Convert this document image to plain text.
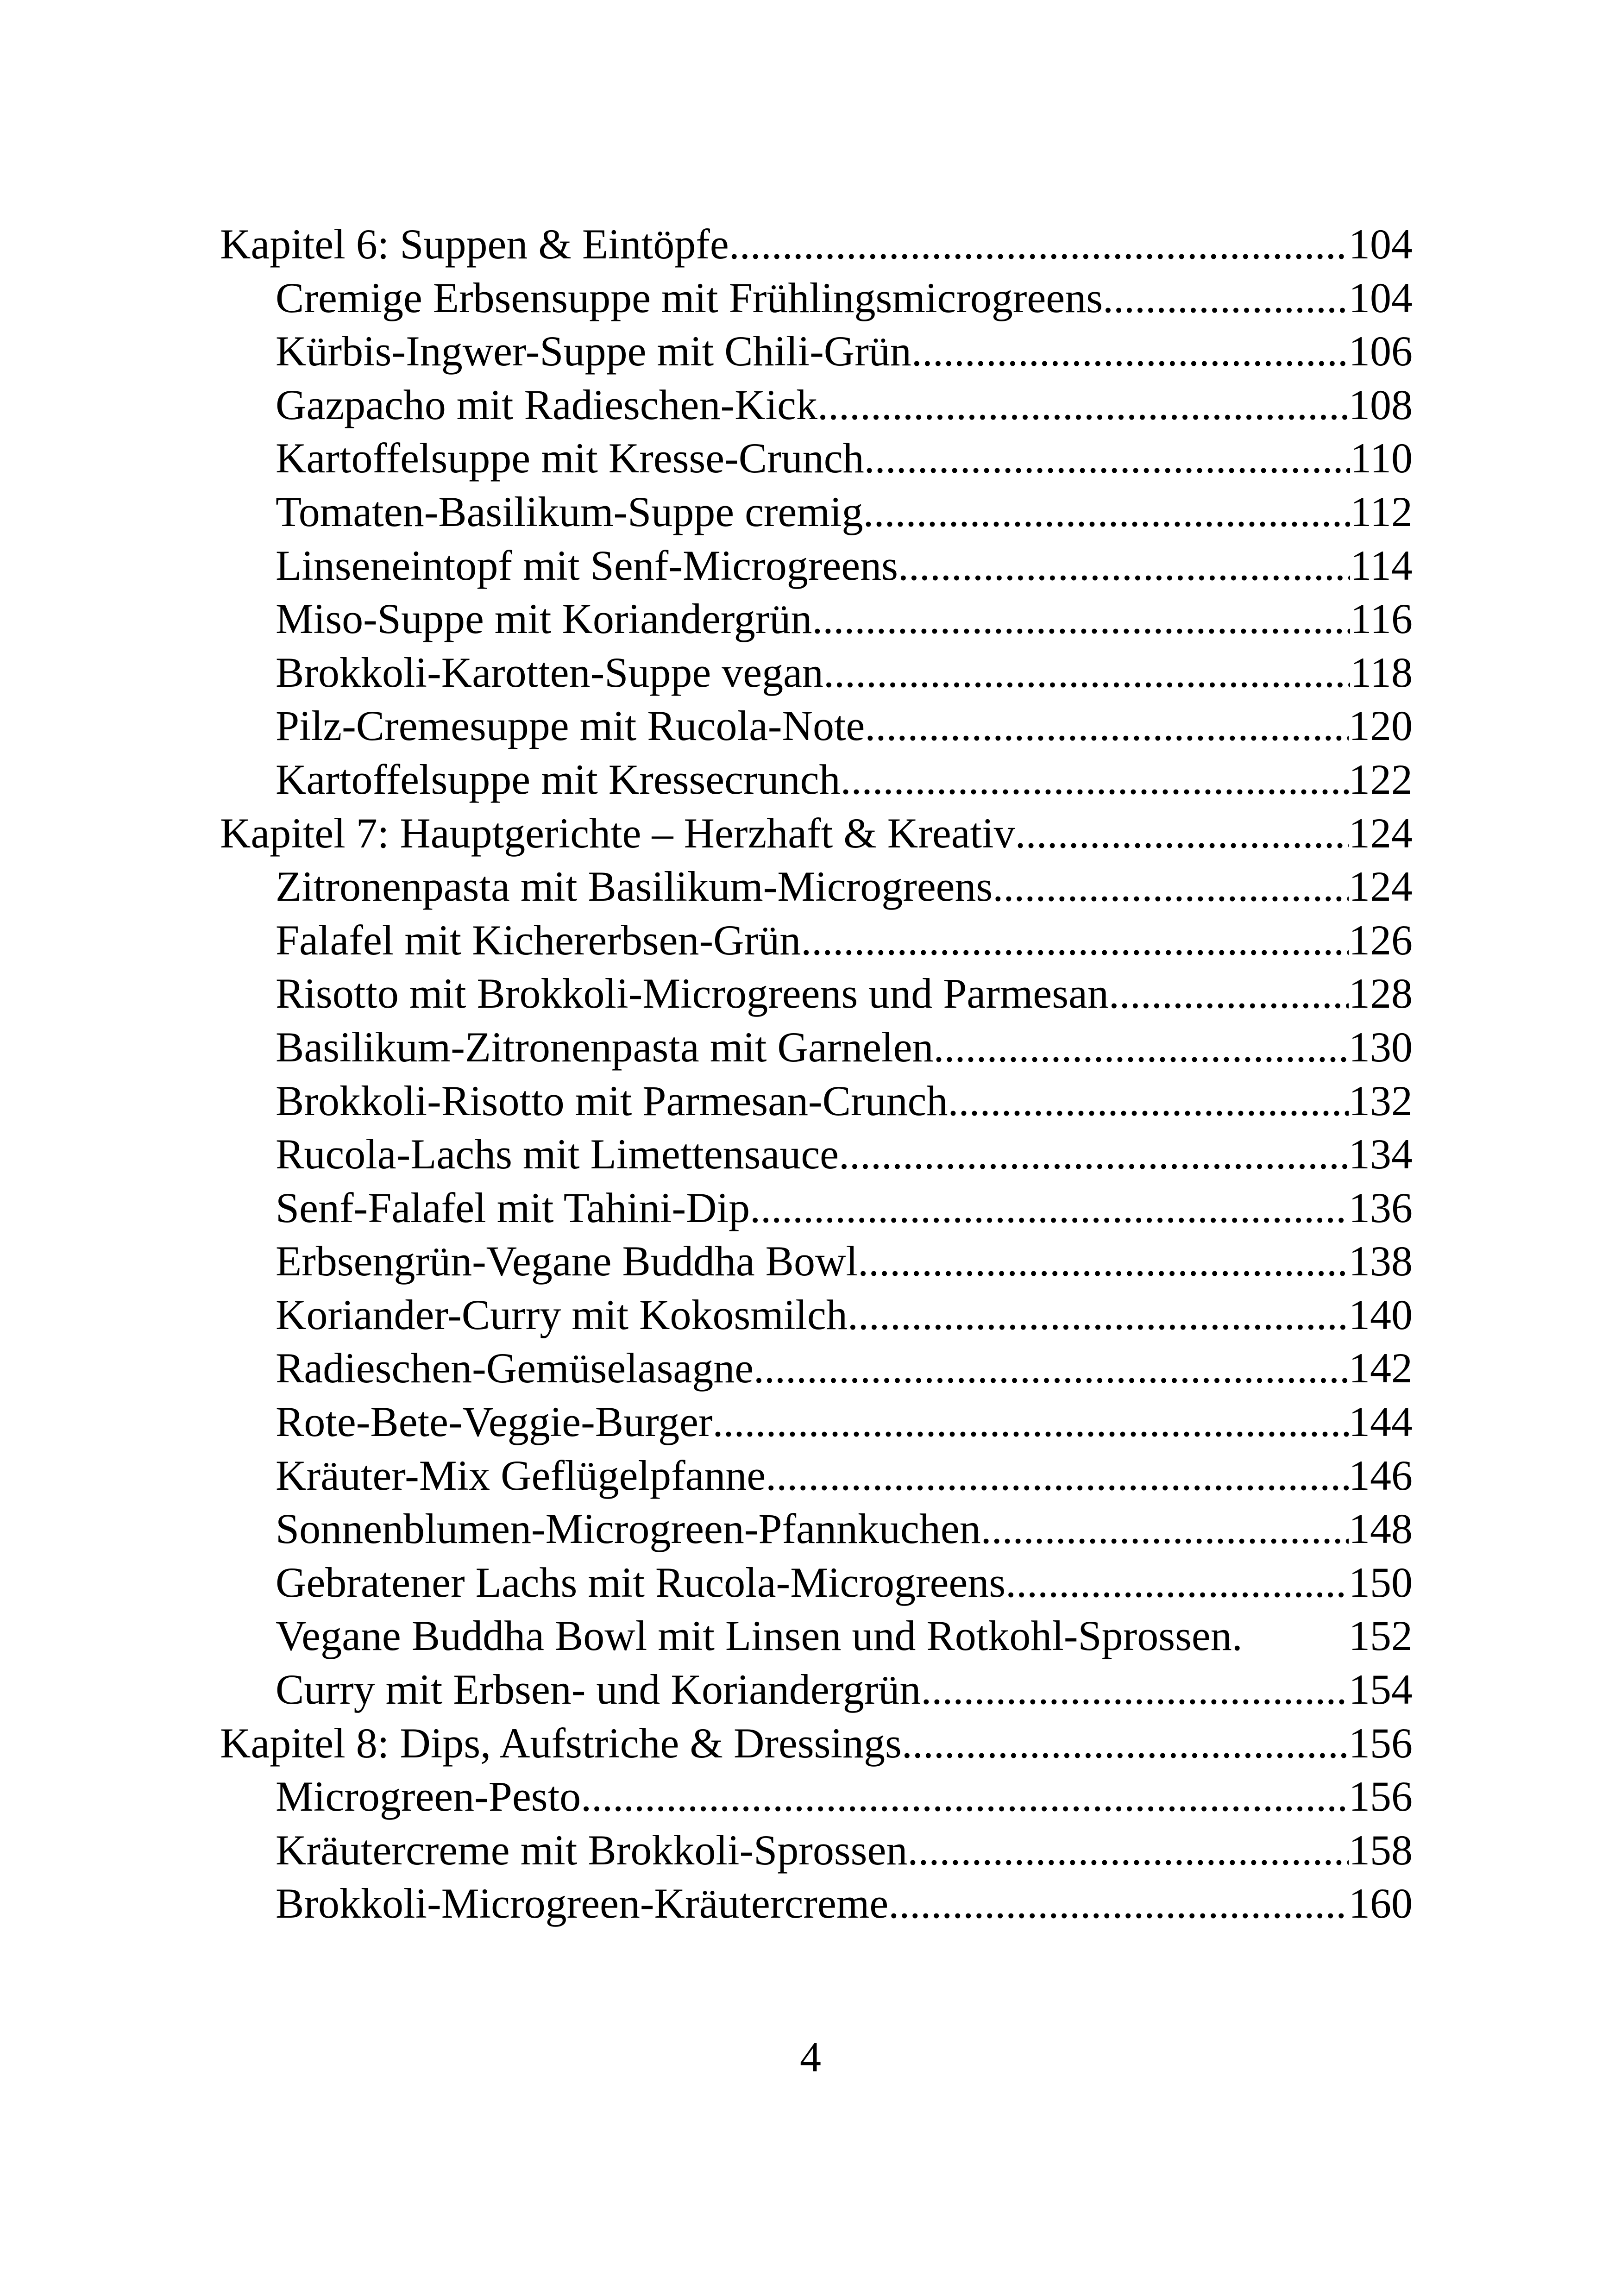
Kapitel 6: Suppen & Eintöpfe .....	104
Cremige Erbsensuppe mit Frühlingsmicrogreens .....	104
Kürbis-Ingwer-Suppe mit Chili-Grün .....	106
Gazpacho mit Radieschen-Kick .....	108
Kartoffelsuppe mit Kresse-Crunch .....	110
Tomaten-Basilikum-Suppe cremig .....	112
Linseneintopf mit Senf-Microgreens .....	114
Miso-Suppe mit Koriandergrün .....	116
Brokkoli-Karotten-Suppe vegan .....	118
Pilz-Cremesuppe mit Rucola-Note .....	120
Kartoffelsuppe mit Kressecrunch .....	122
Kapitel 7: Hauptgerichte – Herzhaft & Kreativ .....	124
Zitronenpasta mit Basilikum-Microgreens .....	124
Falafel mit Kichererbsen-Grün .....	126
Risotto mit Brokkoli-Microgreens und Parmesan .....	128
Basilikum-Zitronenpasta mit Garnelen .....	130
Brokkoli-Risotto mit Parmesan-Crunch .....	132
Rucola-Lachs mit Limettensauce .....	134
Senf-Falafel mit Tahini-Dip .....	136
Erbsengrün-Vegane Buddha Bowl .....	138
Koriander-Curry mit Kokosmilch .....	140
Radieschen-Gemüselasagne .....	142
Rote-Bete-Veggie-Burger .....	144
Kräuter-Mix Geflügelpfanne .....	146
Sonnenblumen-Microgreen-Pfannkuchen .....	148
Gebratener Lachs mit Rucola-Microgreens .....	150
Vegane Buddha Bowl mit Linsen und Rotkohl-Sprossen. 152
Curry mit Erbsen- und Koriandergrün .....	154
Kapitel 8: Dips, Aufstriche & Dressings .....	156
Microgreen-Pesto .....	156
Kräutercreme mit Brokkoli-Sprossen .....	158
Brokkoli-Microgreen-Kräutercreme .....	160
4
